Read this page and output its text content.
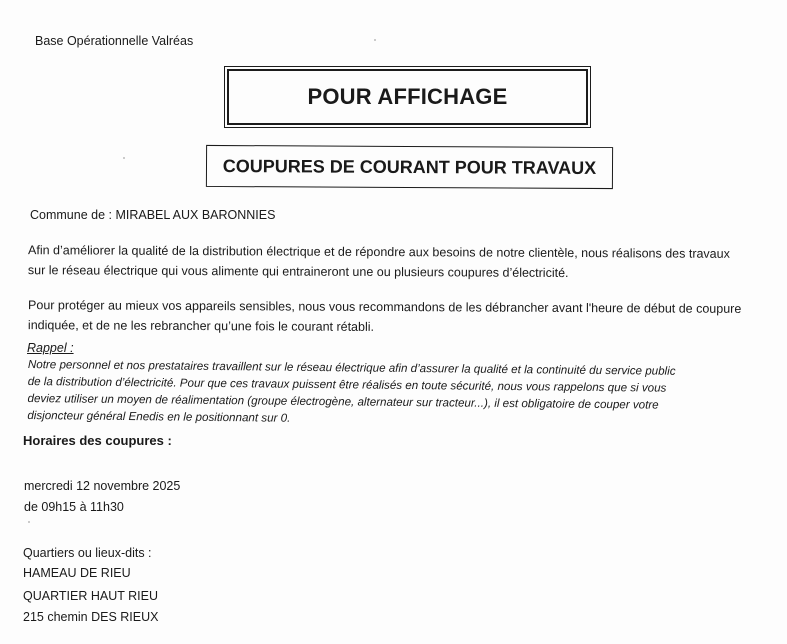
Base Opérationnelle Valréas
POUR AFFICHAGE
COUPURES DE COURANT POUR TRAVAUX
Commune de : MIRABEL AUX BARONNIES
Afin d’améliorer la qualité de la distribution électrique et de répondre aux besoins de notre clientèle, nous réalisons des travaux
sur le réseau électrique qui vous alimente qui entraineront une ou plusieurs coupures d’électricité.
Pour protéger au mieux vos appareils sensibles, nous vous recommandons de les débrancher avant l'heure de début de coupure
indiquée, et de ne les rebrancher qu’une fois le courant rétabli.
Rappel :
Notre personnel et nos prestataires travaillent sur le réseau électrique afin d’assurer la qualité et la continuité du service public
de la distribution d’électricité. Pour que ces travaux puissent être réalisés en toute sécurité, nous vous rappelons que si vous
deviez utiliser un moyen de réalimentation (groupe électrogène, alternateur sur tracteur...), il est obligatoire de couper votre
disjoncteur général Enedis en le positionnant sur 0.
Horaires des coupures :
mercredi 12 novembre 2025
de 09h15 à 11h30
Quartiers ou lieux-dits :
HAMEAU DE RIEU
QUARTIER HAUT RIEU
215 chemin DES RIEUX
